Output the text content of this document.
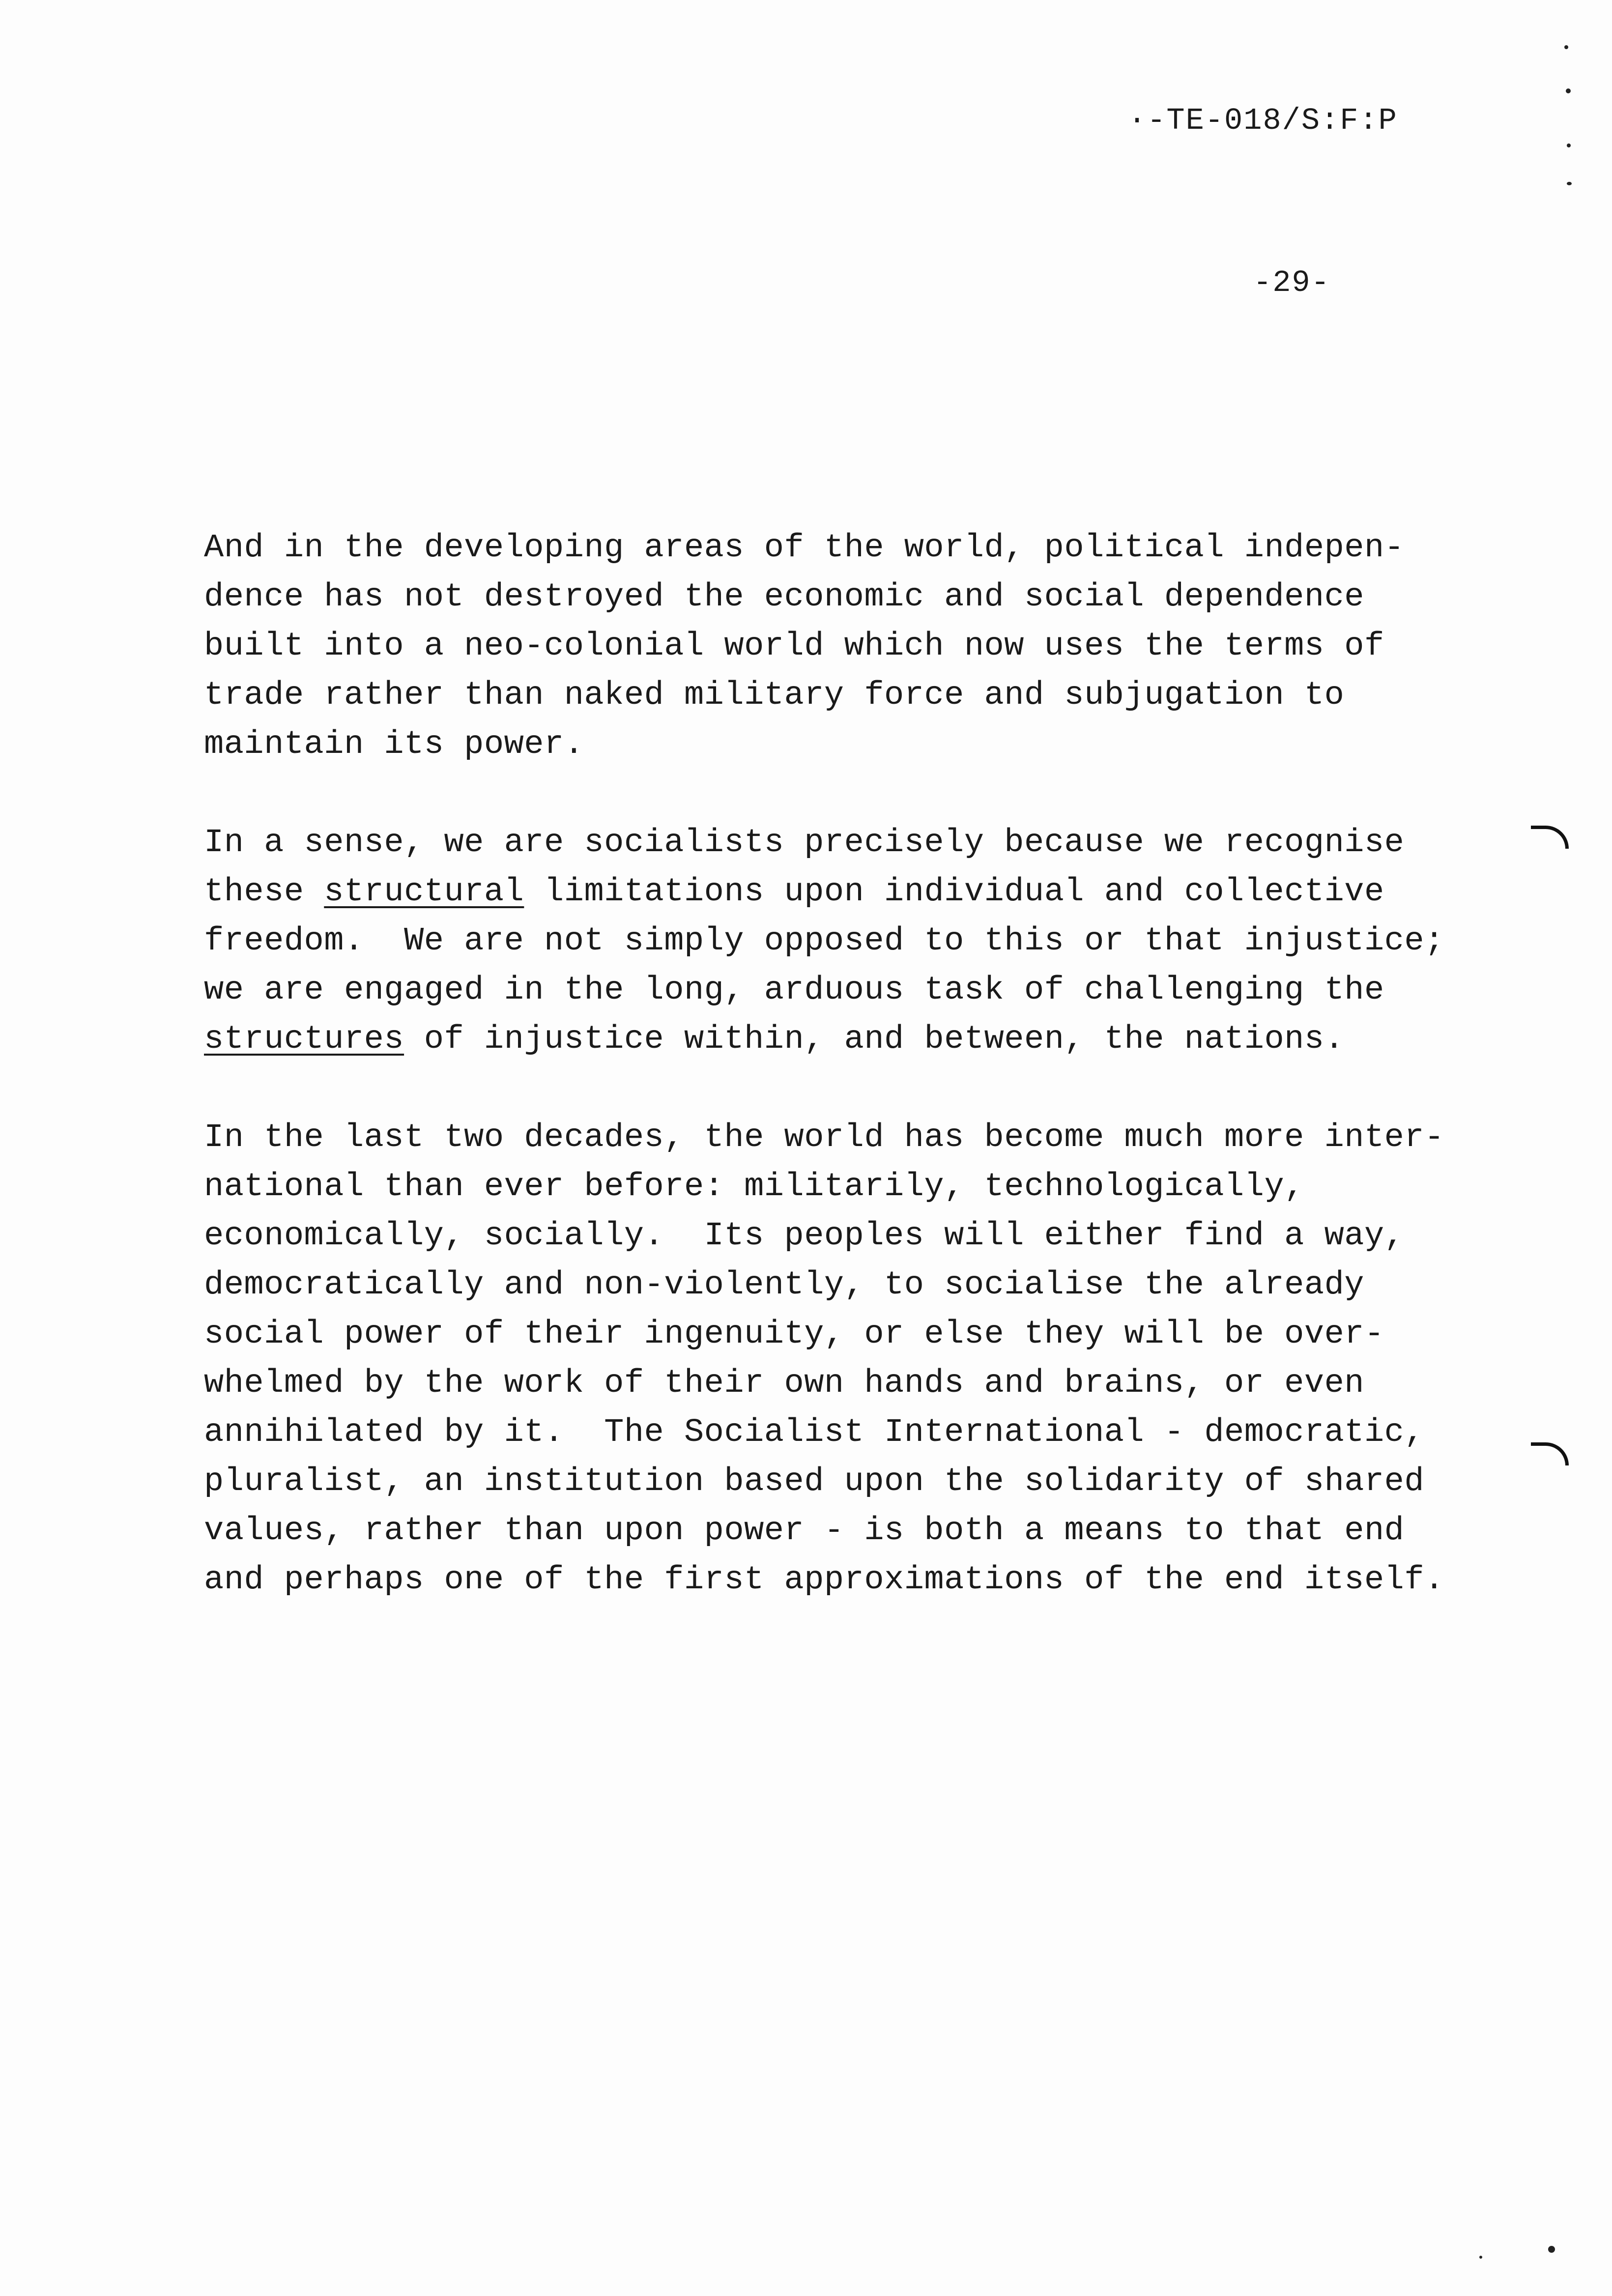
·-TE-018/S:F:P
-29-
And in the developing areas of the world, political indepen-
dence has not destroyed the economic and social dependence
built into a neo-colonial world which now uses the terms of
trade rather than naked military force and subjugation to
maintain its power.
In a sense, we are socialists precisely because we recognise
these structural limitations upon individual and collective
freedom.  We are not simply opposed to this or that injustice;
we are engaged in the long, arduous task of challenging the
structures of injustice within, and between, the nations.
In the last two decades, the world has become much more inter-
national than ever before: militarily, technologically,
economically, socially.  Its peoples will either find a way,
democratically and non-violently, to socialise the already
social power of their ingenuity, or else they will be over-
whelmed by the work of their own hands and brains, or even
annihilated by it.  The Socialist International - democratic,
pluralist, an institution based upon the solidarity of shared
values, rather than upon power - is both a means to that end
and perhaps one of the first approximations of the end itself.
